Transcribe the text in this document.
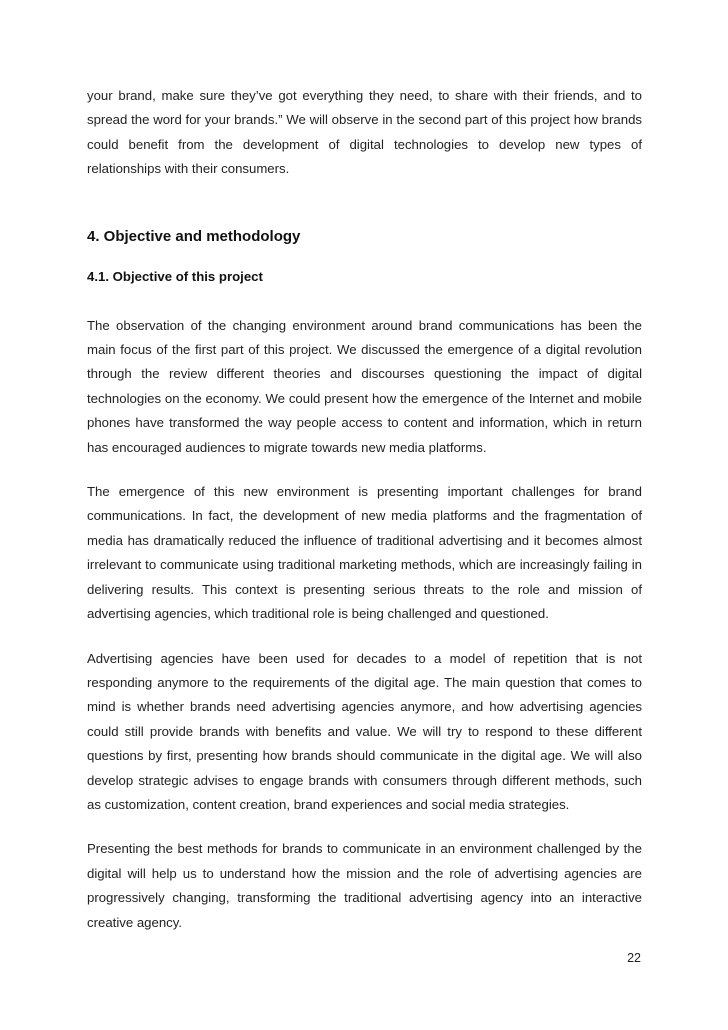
your brand, make sure they’ve got everything they need, to share with their friends, and to spread the word for your brands.” We will observe in the second part of this project how brands could benefit from the development of digital technologies to develop new types of relationships with their consumers.

4. Objective and methodology
4.1. Objective of this project

The observation of the changing environment around brand communications has been the main focus of the first part of this project. We discussed the emergence of a digital revolution through the review different theories and discourses questioning the impact of digital technologies on the economy. We could present how the emergence of the Internet and mobile phones have transformed the way people access to content and information, which in return has encouraged audiences to migrate towards new media platforms.

The emergence of this new environment is presenting important challenges for brand communications. In fact, the development of new media platforms and the fragmentation of media has dramatically reduced the influence of traditional advertising and it becomes almost irrelevant to communicate using traditional marketing methods, which are increasingly failing in delivering results. This context is presenting serious threats to the role and mission of advertising agencies, which traditional role is being challenged and questioned.

Advertising agencies have been used for decades to a model of repetition that is not responding anymore to the requirements of the digital age. The main question that comes to mind is whether brands need advertising agencies anymore, and how advertising agencies could still provide brands with benefits and value. We will try to respond to these different questions by first, presenting how brands should communicate in the digital age. We will also develop strategic advises to engage brands with consumers through different methods, such as customization, content creation, brand experiences and social media strategies.

Presenting the best methods for brands to communicate in an environment challenged by the digital will help us to understand how the mission and the role of advertising agencies are progressively changing, transforming the traditional advertising agency into an interactive creative agency.

22
